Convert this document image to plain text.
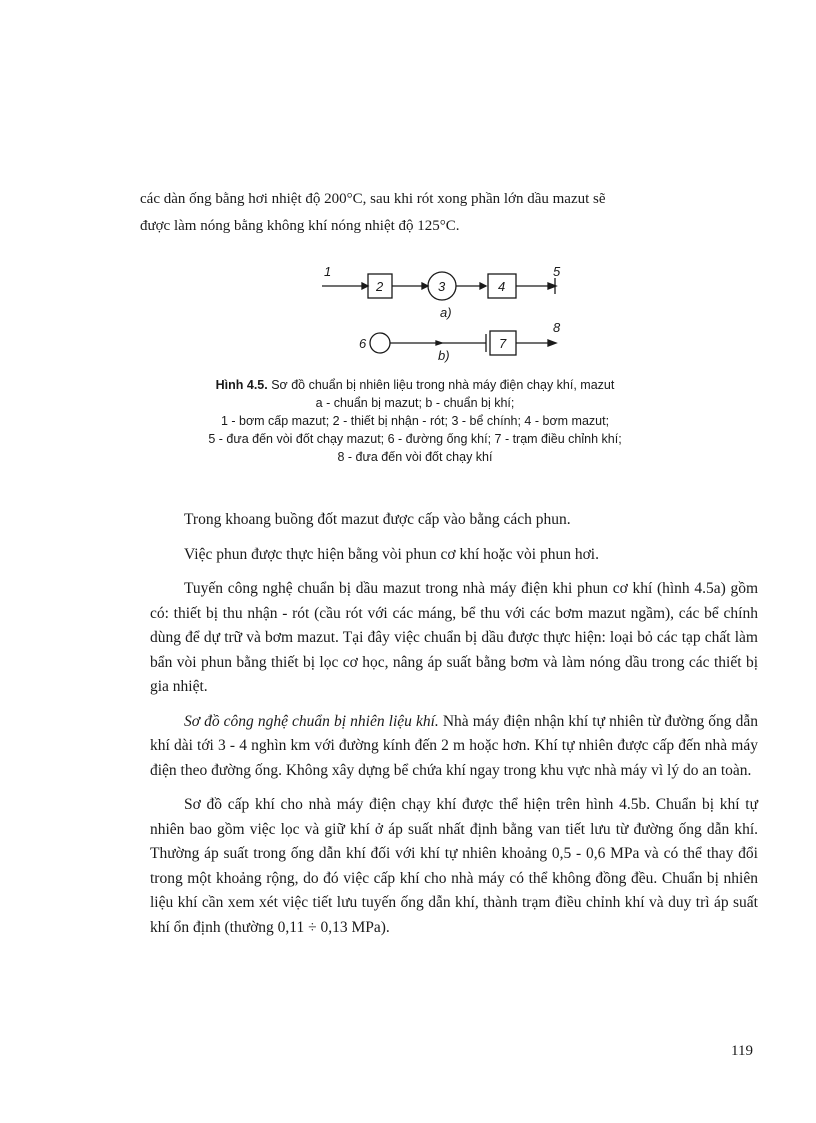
các dàn ống bằng hơi nhiệt độ 200°C, sau khi rót xong phần lớn dầu mazut sẽ

được làm nóng bằng không khí nóng nhiệt độ 125°C.

1
2	3	4
5
a)
6	7
8
b)

Hình 4.5. Sơ đồ chuẩn bị nhiên liệu trong nhà máy điện chạy khí, mazut

a - chuẩn bị mazut; b - chuẩn bị khí;

1 - bơm cấp mazut; 2 - thiết bị nhận - rót; 3 - bể chính; 4 - bơm mazut;

5 - đưa đến vòi đốt chạy mazut; 6 - đường ống khí; 7 - trạm điều chỉnh khí;

8 - đưa đến vòi đốt chạy khí

Trong khoang buồng đốt mazut được cấp vào bằng cách phun.

Việc phun được thực hiện bằng vòi phun cơ khí hoặc vòi phun hơi.

Tuyến công nghệ chuẩn bị dầu mazut trong nhà máy điện khi phun cơ khí (hình 4.5a) gồm có: thiết bị thu nhận - rót (cầu rót với các máng, bể thu với các bơm mazut ngầm), các bể chính dùng để dự trữ và bơm mazut. Tại đây việc chuẩn bị dầu được thực hiện: loại bỏ các tạp chất làm bẩn vòi phun bằng thiết bị lọc cơ học, nâng áp suất bằng bơm và làm nóng dầu trong các thiết bị gia nhiệt.

Sơ đồ công nghệ chuẩn bị nhiên liệu khí. Nhà máy điện nhận khí tự nhiên từ đường ống dẫn khí dài tới 3 - 4 nghìn km với đường kính đến 2 m hoặc hơn. Khí tự nhiên được cấp đến nhà máy điện theo đường ống. Không xây dựng bể chứa khí ngay trong khu vực nhà máy vì lý do an toàn.

Sơ đồ cấp khí cho nhà máy điện chạy khí được thể hiện trên hình 4.5b. Chuẩn bị khí tự nhiên bao gồm việc lọc và giữ khí ở áp suất nhất định bằng van tiết lưu từ đường ống dẫn khí. Thường áp suất trong ống dẫn khí đối với khí tự nhiên khoảng 0,5 - 0,6 MPa và có thể thay đổi trong một khoảng rộng, do đó việc cấp khí cho nhà máy có thể không đồng đều. Chuẩn bị nhiên liệu khí cần xem xét việc tiết lưu tuyến ống dẫn khí, thành trạm điều chỉnh khí và duy trì áp suất khí ổn định (thường 0,11 ÷ 0,13 MPa).

119
